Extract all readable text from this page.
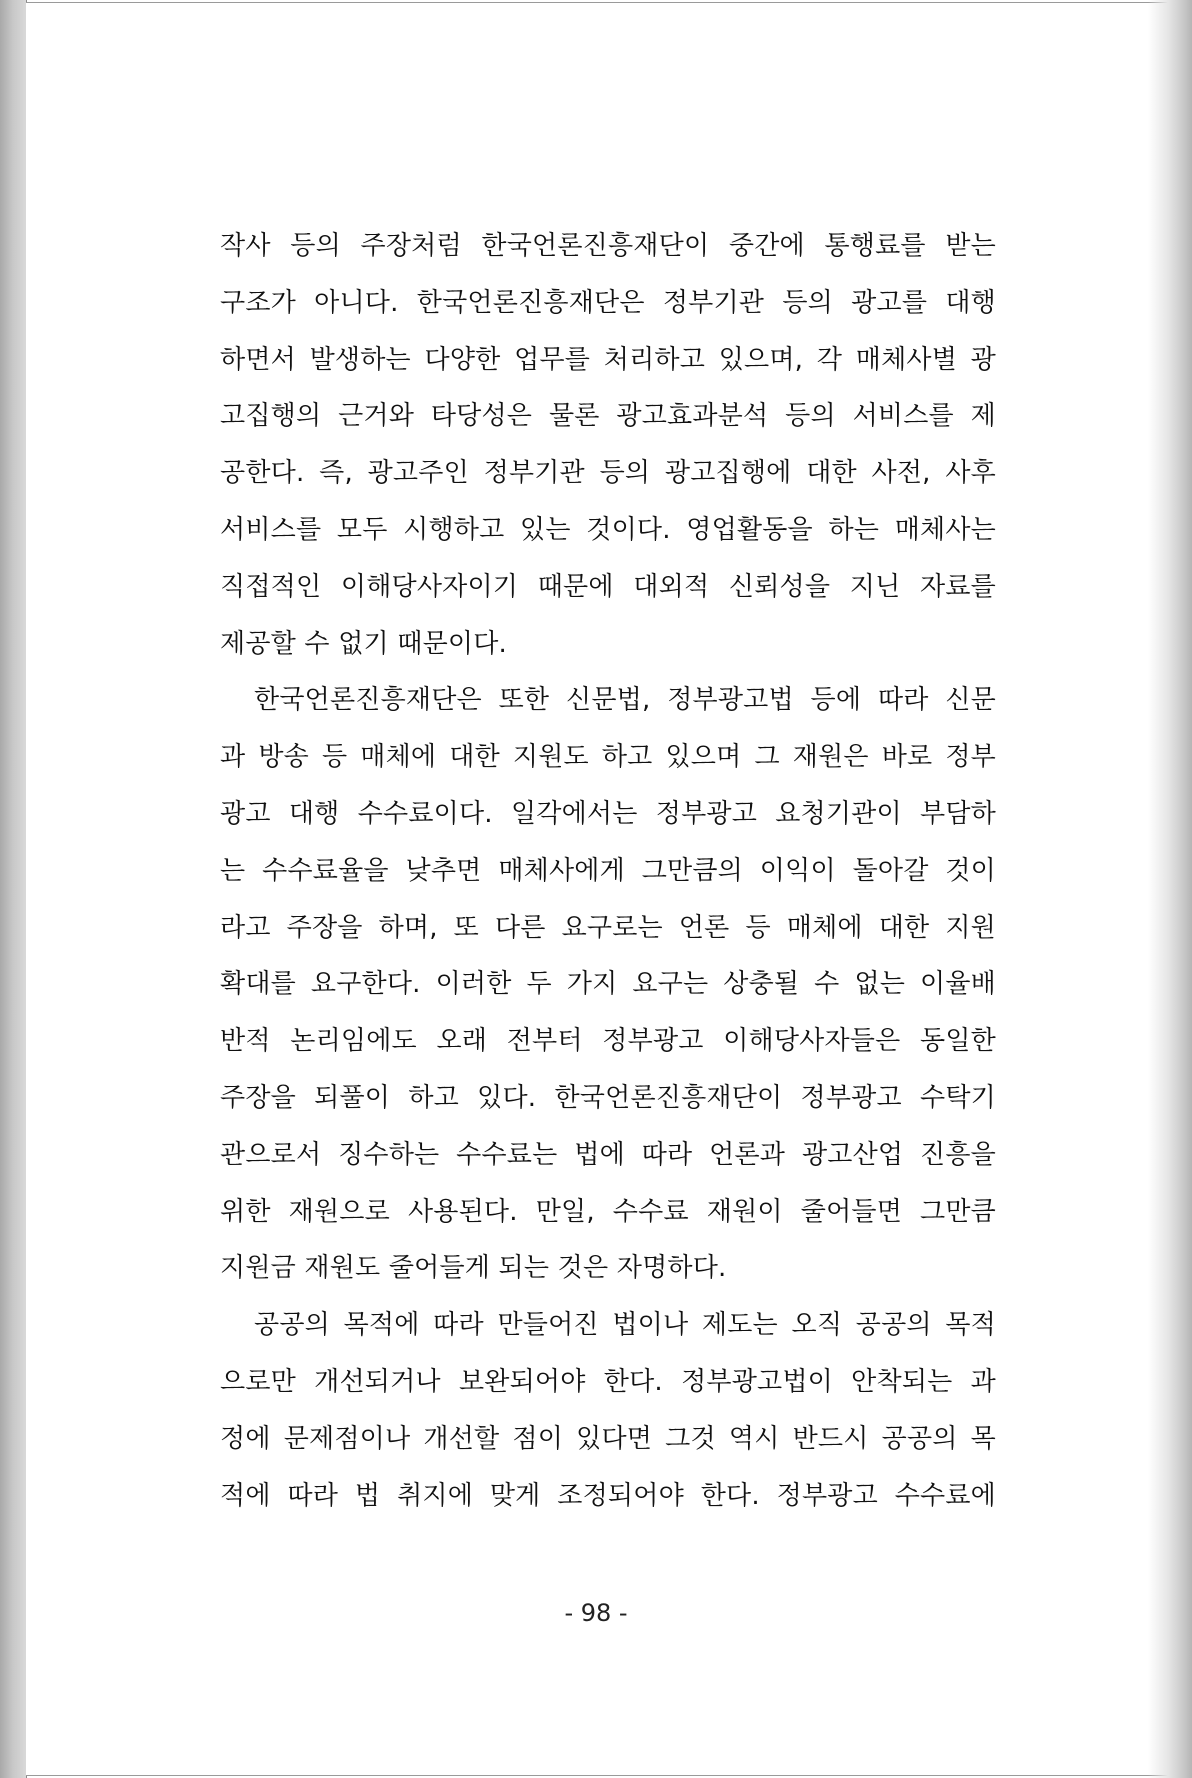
작사 등의 주장처럼 한국언론진흥재단이 중간에 통행료를 받는
구조가 아니다. 한국언론진흥재단은 정부기관 등의 광고를 대행
하면서 발생하는 다양한 업무를 처리하고 있으며, 각 매체사별 광
고집행의 근거와 타당성은 물론 광고효과분석 등의 서비스를 제
공한다. 즉, 광고주인 정부기관 등의 광고집행에 대한 사전, 사후
서비스를 모두 시행하고 있는 것이다. 영업활동을 하는 매체사는
직접적인 이해당사자이기 때문에 대외적 신뢰성을 지닌 자료를
제공할 수 없기 때문이다.
한국언론진흥재단은 또한 신문법, 정부광고법 등에 따라 신문
과 방송 등 매체에 대한 지원도 하고 있으며 그 재원은 바로 정부
광고 대행 수수료이다. 일각에서는 정부광고 요청기관이 부담하
는 수수료율을 낮추면 매체사에게 그만큼의 이익이 돌아갈 것이
라고 주장을 하며, 또 다른 요구로는 언론 등 매체에 대한 지원
확대를 요구한다. 이러한 두 가지 요구는 상충될 수 없는 이율배
반적 논리임에도 오래 전부터 정부광고 이해당사자들은 동일한
주장을 되풀이 하고 있다. 한국언론진흥재단이 정부광고 수탁기
관으로서 징수하는 수수료는 법에 따라 언론과 광고산업 진흥을
위한 재원으로 사용된다. 만일, 수수료 재원이 줄어들면 그만큼
지원금 재원도 줄어들게 되는 것은 자명하다.
공공의 목적에 따라 만들어진 법이나 제도는 오직 공공의 목적
으로만 개선되거나 보완되어야 한다. 정부광고법이 안착되는 과
정에 문제점이나 개선할 점이 있다면 그것 역시 반드시 공공의 목
적에 따라 법 취지에 맞게 조정되어야 한다. 정부광고 수수료에
- 98 -
